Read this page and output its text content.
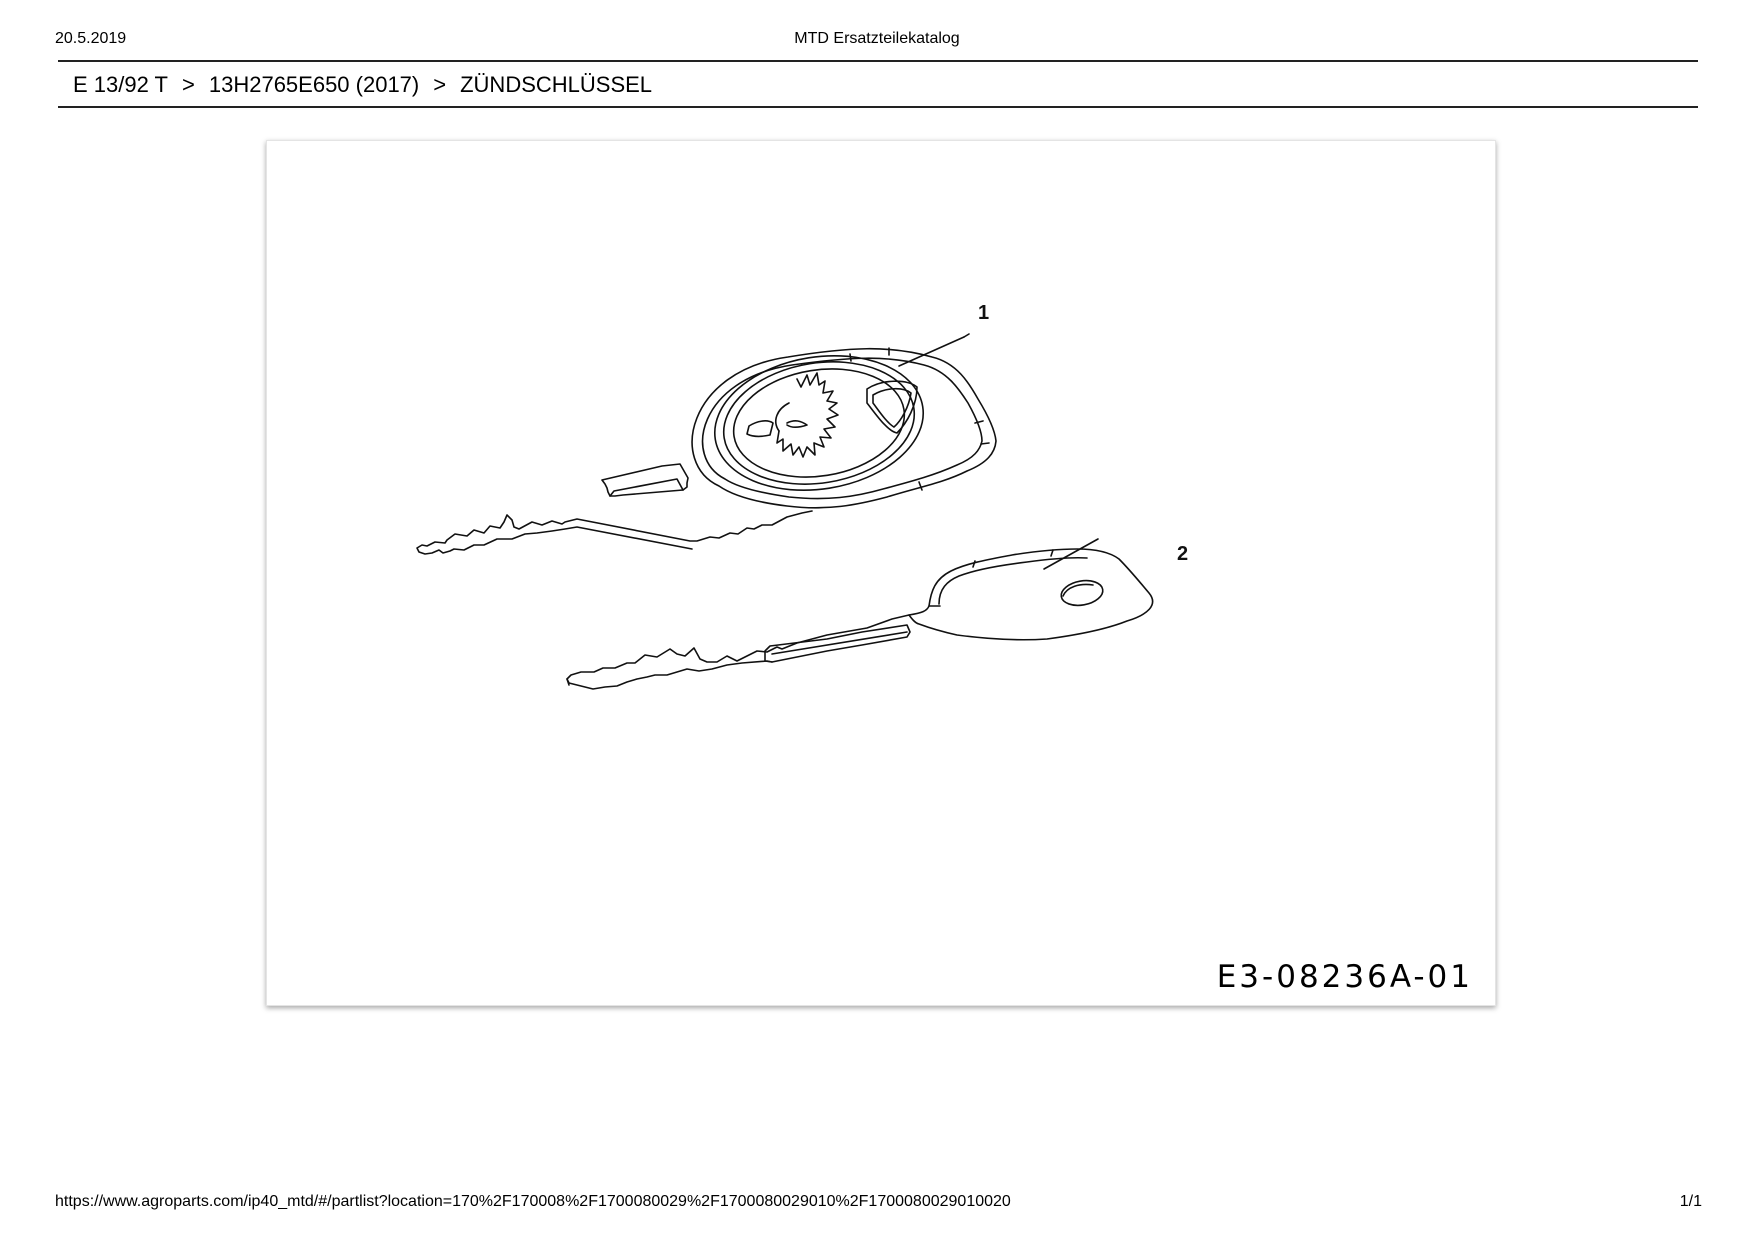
20.5.2019	MTD Ersatzteilekatalog
E 13/92 T > 13H2765E650 (2017) > ZÜNDSCHLÜSSEL
1
2
E3-08236A-01
https://www.agroparts.com/ip40_mtd/#/partlist?location=170%2F170008%2F1700080029%2F1700080029010%2F1700080029010020	1/1
